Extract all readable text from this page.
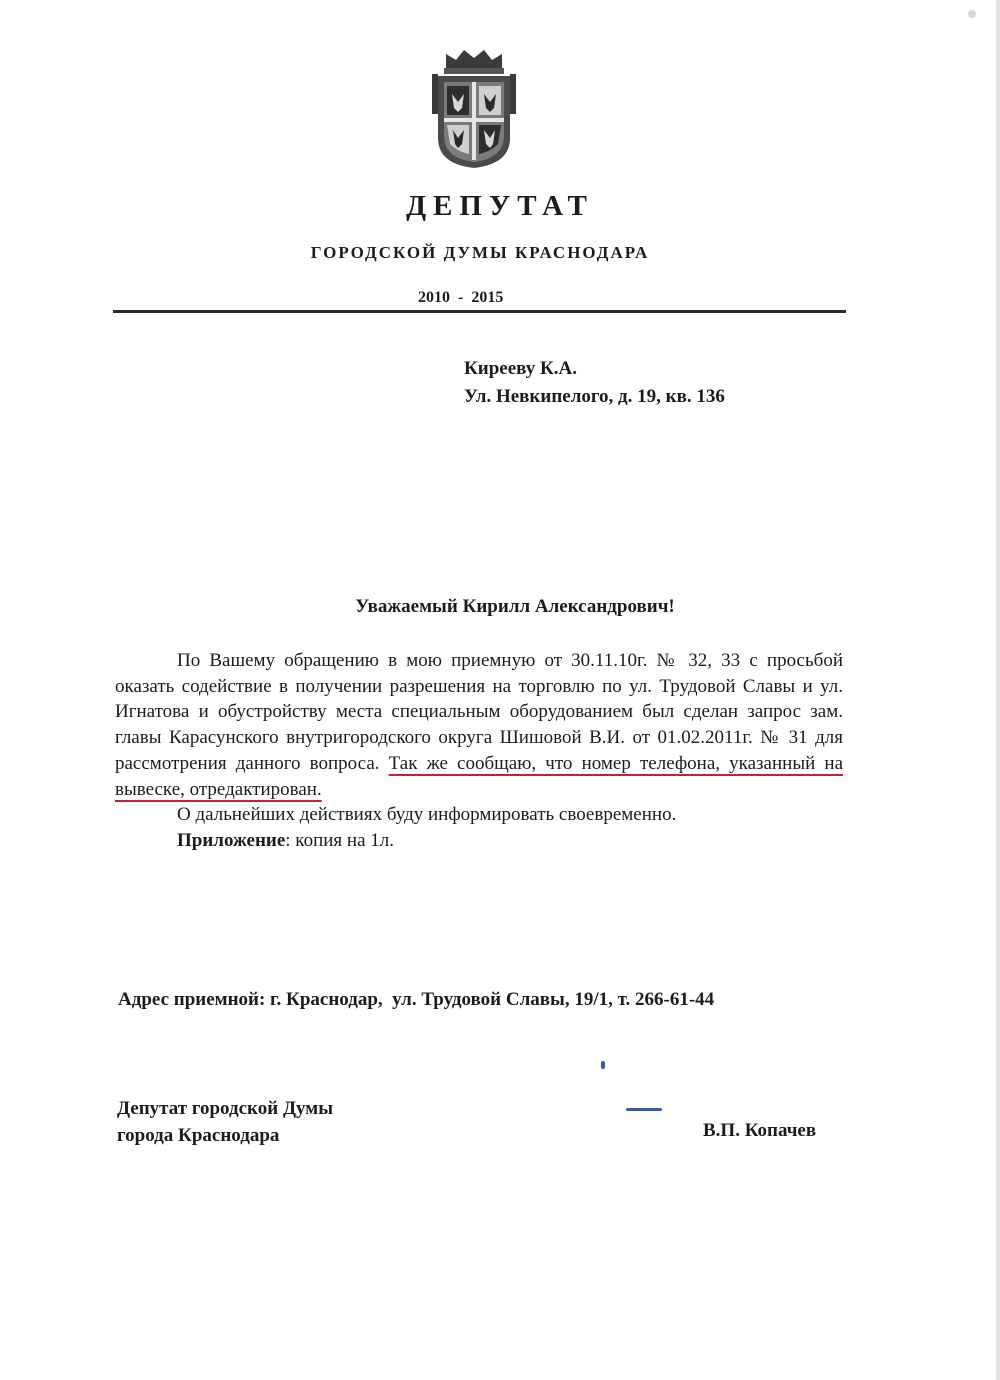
ДЕПУТАТ
ГОРОДСКОЙ ДУМЫ КРАСНОДАРА
2010  -  2015
Кирееву К.А.
Ул. Невкипелого, д. 19, кв. 136
Уважаемый Кирилл Александрович!

По Вашему обращению в мою приемную от 30.11.10г. № 32, 33 с просьбой оказать содействие в получении разрешения на торговлю по ул. Трудовой Славы и ул. Игнатова и обустройству места специальным оборудованием был сделан запрос зам. главы Карасунского внутригородского округа Шишовой В.И. от 01.02.2011г. № 31 для рассмотрения данного вопроса. Так же сообщаю, что номер телефона, указанный на вывеске, отредактирован.

О дальнейших действиях буду информировать своевременно.

Приложение: копия на 1л.

Адрес приемной: г. Краснодар,  ул. Трудовой Славы, 19/1, т. 266-61-44
Депутат городской Думы
города Краснодара	В.П. Копачев
